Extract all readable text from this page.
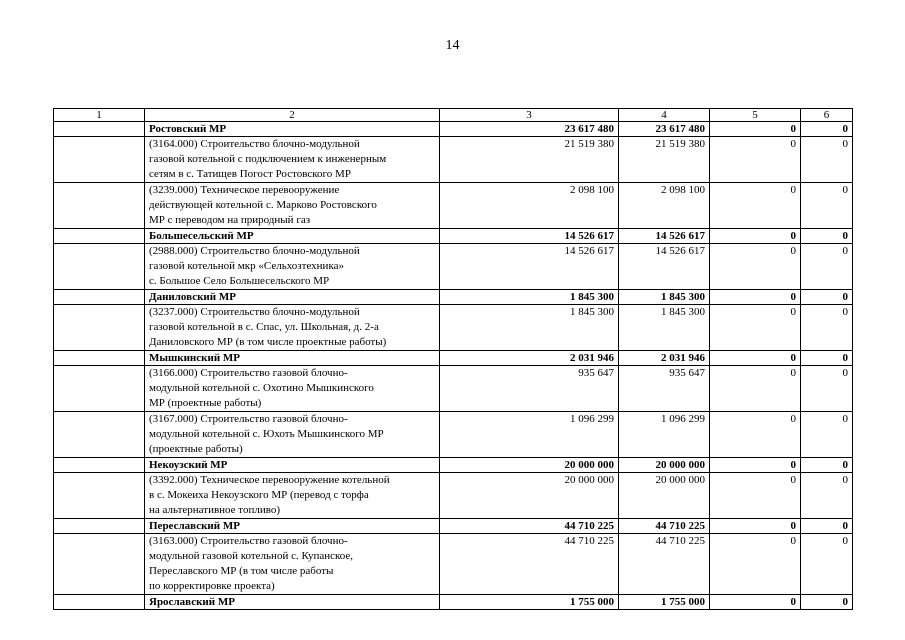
14
1	2	3	4	5	6
	Ростовский МР	23 617 480	23 617 480	0	0

	(3164.000) Строительство блочно-модульной
газовой котельной с подключением к инженерным
сетям в с. Татищев Погост Ростовского МР	21 519 380	21 519 380	0	0

	(3239.000) Техническое перевооружение
действующей котельной с. Марково Ростовского
МР с переводом на природный газ	2 098 100	2 098 100	0	0
	Большесельский МР	14 526 617	14 526 617	0	0

	(2988.000) Строительство блочно-модульной
газовой котельной мкр «Сельхозтехника»
с. Большое Село Большесельского МР	14 526 617	14 526 617	0	0
	Даниловский МР	1 845 300	1 845 300	0	0

	(3237.000) Строительство блочно-модульной
газовой котельной в с. Спас, ул. Школьная, д. 2-а
Даниловского МР (в том числе проектные работы)	1 845 300	1 845 300	0	0
	Мышкинский МР	2 031 946	2 031 946	0	0

	(3166.000) Строительство газовой блочно-
модульной котельной с. Охотино Мышкинского
МР (проектные работы)	935 647	935 647	0	0

	(3167.000) Строительство газовой блочно-
модульной котельной с. Юхоть Мышкинского МР
(проектные работы)	1 096 299	1 096 299	0	0
	Некоузский МР	20 000 000	20 000 000	0	0

	(3392.000) Техническое перевооружение котельной
в с. Мокеиха Некоузского МР (перевод с торфа
на альтернативное топливо)	20 000 000	20 000 000	0	0
	Переславский МР	44 710 225	44 710 225	0	0

	(3163.000) Строительство газовой блочно-
модульной газовой котельной с. Купанское,
Переславского МР (в том числе работы
по корректировке проекта)	44 710 225	44 710 225	0	0
	Ярославский МР	1 755 000	1 755 000	0	0
